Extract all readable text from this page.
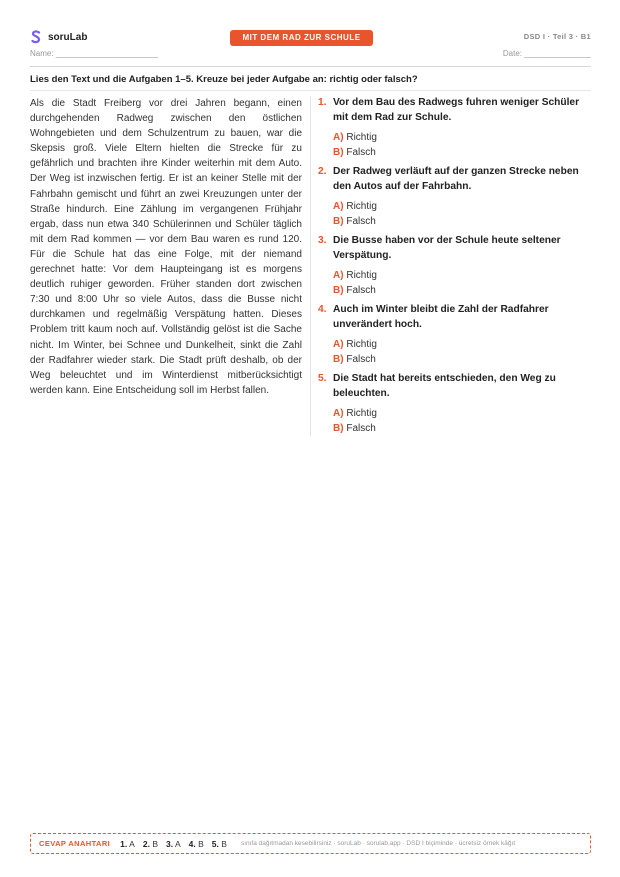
soruLab	MIT DEM RAD ZUR SCHULE	DSD I · Teil 3 · B1
Name: _______________________	Date: _______________
Lies den Text und die Aufgaben 1–5. Kreuze bei jeder Aufgabe an: richtig oder falsch?
Als die Stadt Freiberg vor drei Jahren begann, einen durchgehenden Radweg zwischen den östlichen Wohngebieten und dem Schulzentrum zu bauen, war die Skepsis groß. Viele Eltern hielten die Strecke für zu gefährlich und brachten ihre Kinder weiterhin mit dem Auto. Der Weg ist inzwischen fertig. Er ist an keiner Stelle mit der Fahrbahn gemischt und führt an zwei Kreuzungen unter der Straße hindurch. Eine Zählung im vergangenen Frühjahr ergab, dass nun etwa 340 Schülerinnen und Schüler täglich mit dem Rad kommen — vor dem Bau waren es rund 120. Für die Schule hat das eine Folge, mit der niemand gerechnet hatte: Vor dem Haupteingang ist es morgens deutlich ruhiger geworden. Früher standen dort zwischen 7:30 und 8:00 Uhr so viele Autos, dass die Busse nicht durchkamen und regelmäßig Verspätung hatten. Dieses Problem tritt kaum noch auf. Vollständig gelöst ist die Sache nicht. Im Winter, bei Schnee und Dunkelheit, sinkt die Zahl der Radfahrer wieder stark. Die Stadt prüft deshalb, ob der Weg beleuchtet und im Winterdienst mitberücksichtigt werden kann. Eine Entscheidung soll im Herbst fallen.
1. Vor dem Bau des Radwegs fuhren weniger Schüler mit dem Rad zur Schule.
A) Richtig
B) Falsch
2. Der Radweg verläuft auf der ganzen Strecke neben den Autos auf der Fahrbahn.
A) Richtig
B) Falsch
3. Die Busse haben vor der Schule heute seltener Verspätung.
A) Richtig
B) Falsch
4. Auch im Winter bleibt die Zahl der Radfahrer unverändert hoch.
A) Richtig
B) Falsch
5. Die Stadt hat bereits entschieden, den Weg zu beleuchten.
A) Richtig
B) Falsch
CEVAP ANAHTARI 1. A 2. B 3. A 4. B 5. B sınıfa dağıtmadan kesebilirsiniz · soruLab · sorulab.app · DSD I biçiminde · ücretsiz örnek kâğıt
